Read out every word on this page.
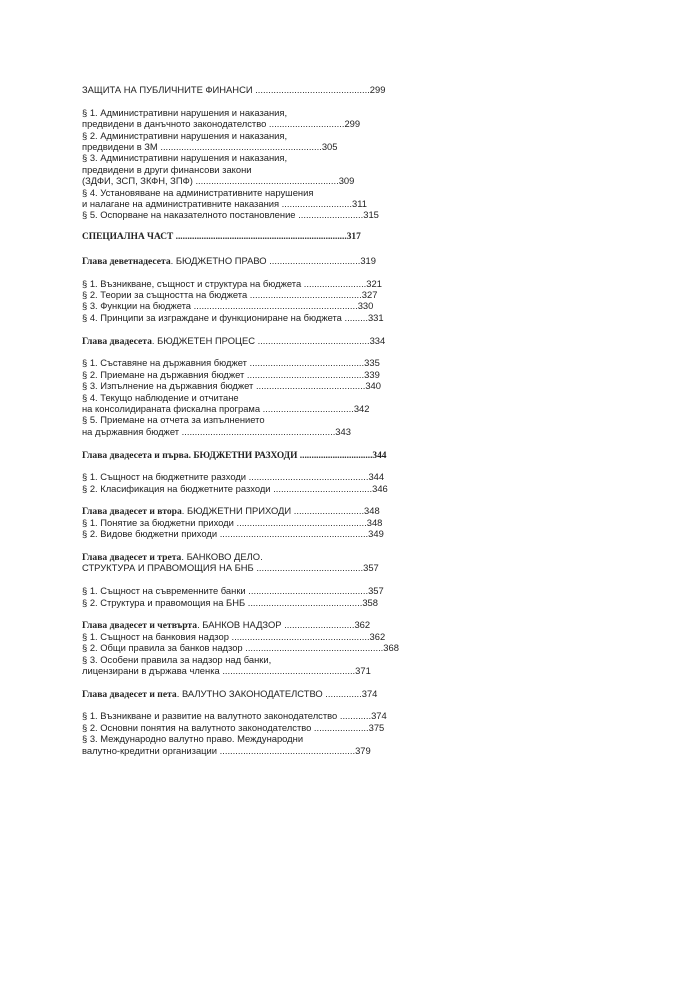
ЗАЩИТА НА ПУБЛИЧНИТЕ ФИНАНСИ ............................................299
§ 1. Административни нарушения и наказания,
предвидени в данъчното законодателство .............................299
§ 2. Административни нарушения и наказания,
предвидени в ЗМ ..............................................................305
§ 3. Административни нарушения и наказания,
предвидени в други финансови закони
(ЗДФИ, ЗСП, ЗКФН, ЗПФ) .......................................................309
§ 4. Установяване на административните нарушения
и налагане на административните наказания ...........................311
§ 5. Оспорване на наказателното постановление .........................315
СПЕЦИАЛНА ЧАСТ .........................................................................317
Глава деветнадесета. БЮДЖЕТНО ПРАВО ...................................319
§ 1. Възникване, същност и структура на бюджета ........................321
§ 2. Теории за същността на бюджета ...........................................327
§ 3. Функции на бюджета ...............................................................330
§ 4. Принципи за изграждане и функциониране на бюджета .........331
Глава двадесета. БЮДЖЕТЕН ПРОЦЕС ...........................................334
§ 1. Съставяне на държавния бюджет ............................................335
§ 2. Приемане на държавния бюджет .............................................339
§ 3. Изпълнение на държавния бюджет ..........................................340
§ 4. Текущо наблюдение и отчитане
на консолидираната фискална програма ...................................342
§ 5. Приемане на отчета за изпълнението
на държавния бюджет ...........................................................343
Глава двадесета и първа. БЮДЖЕТНИ РАЗХОДИ ...............................344
§ 1. Същност на бюджетните разходи ..............................................344
§ 2. Класификация на бюджетните разходи ......................................346
Глава двадесет и втора. БЮДЖЕТНИ ПРИХОДИ ...........................348
§ 1. Понятие за бюджетни приходи ..................................................348
§ 2. Видове бюджетни приходи .........................................................349
Глава двадесет и трета. БАНКОВО ДЕЛО.
СТРУКТУРА И ПРАВОМОЩИЯ НА БНБ .........................................357
§ 1. Същност на съвременните банки ..............................................357
§ 2. Структура и правомощия на БНБ ............................................358
Глава двадесет и четвърта. БАНКОВ НАДЗОР ...........................362
§ 1. Същност на банковия надзор .....................................................362
§ 2. Общи правила за банков надзор .....................................................368
§ 3. Особени правила за надзор над банки,
лицензирани в държава членка ...................................................371
Глава двадесет и пета. ВАЛУТНО ЗАКОНОДАТЕЛСТВО ..............374
§ 1. Възникване и развитие на валутното законодателство ............374
§ 2. Основни понятия на валутното законодателство .....................375
§ 3. Международно валутно право. Международни
валутно-кредитни организации ....................................................379
